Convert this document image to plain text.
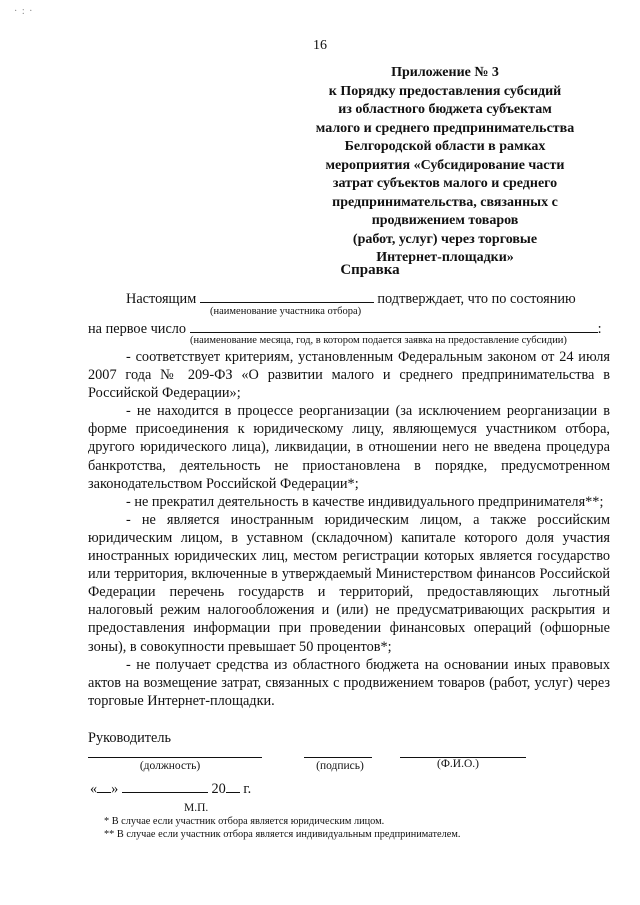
· : ·
16
Приложение № 3
к Порядку предоставления субсидий
из областного бюджета субъектам
малого и среднего предпринимательства
Белгородской области в рамках
мероприятия «Субсидирование части
затрат субъектов малого и среднего
предпринимательства, связанных с
продвижением товаров
(работ, услуг) через торговые
Интернет-площадки»
Справка
Настоящим	подтверждает, что по состоянию
(наименование участника отбора)
на первое число	:
(наименование месяца, год, в котором подается заявка на предоставление субсидии)

- соответствует критериям, установленным Федеральным законом от 24 июля 2007 года № 209-ФЗ «О развитии малого и среднего предпринимательства в Российской Федерации»;

- не находится в процессе реорганизации (за исключением реорганизации в форме присоединения к юридическому лицу, являющемуся участником отбора, другого юридического лица), ликвидации, в отношении него не введена процедура банкротства, деятельность не приостановлена в порядке, предусмотренном законодательством Российской Федерации*;

- не прекратил деятельность в качестве индивидуального предпринимателя**;

- не является иностранным юридическим лицом, а также российским юридическим лицом, в уставном (складочном) капитале которого доля участия иностранных юридических лиц, местом регистрации которых является государство или территория, включенные в утверждаемый Министерством финансов Российской Федерации перечень государств и территорий, предоставляющих льготный налоговый режим налогообложения и (или) не предусматривающих раскрытия и предоставления информации при проведении финансовых операций (офшорные зоны), в совокупности превышает 50 процентов*;

- не получает средства из областного бюджета на основании иных правовых актов на возмещение затрат, связанных с продвижением товаров (работ, услуг) через торговые Интернет-площадки.

Руководитель
(должность)	(подпись)	(Ф.И.О.)
« »	20 г.
М.П.
* В случае если участник отбора является юридическим лицом.
** В случае если участник отбора является индивидуальным предпринимателем.
